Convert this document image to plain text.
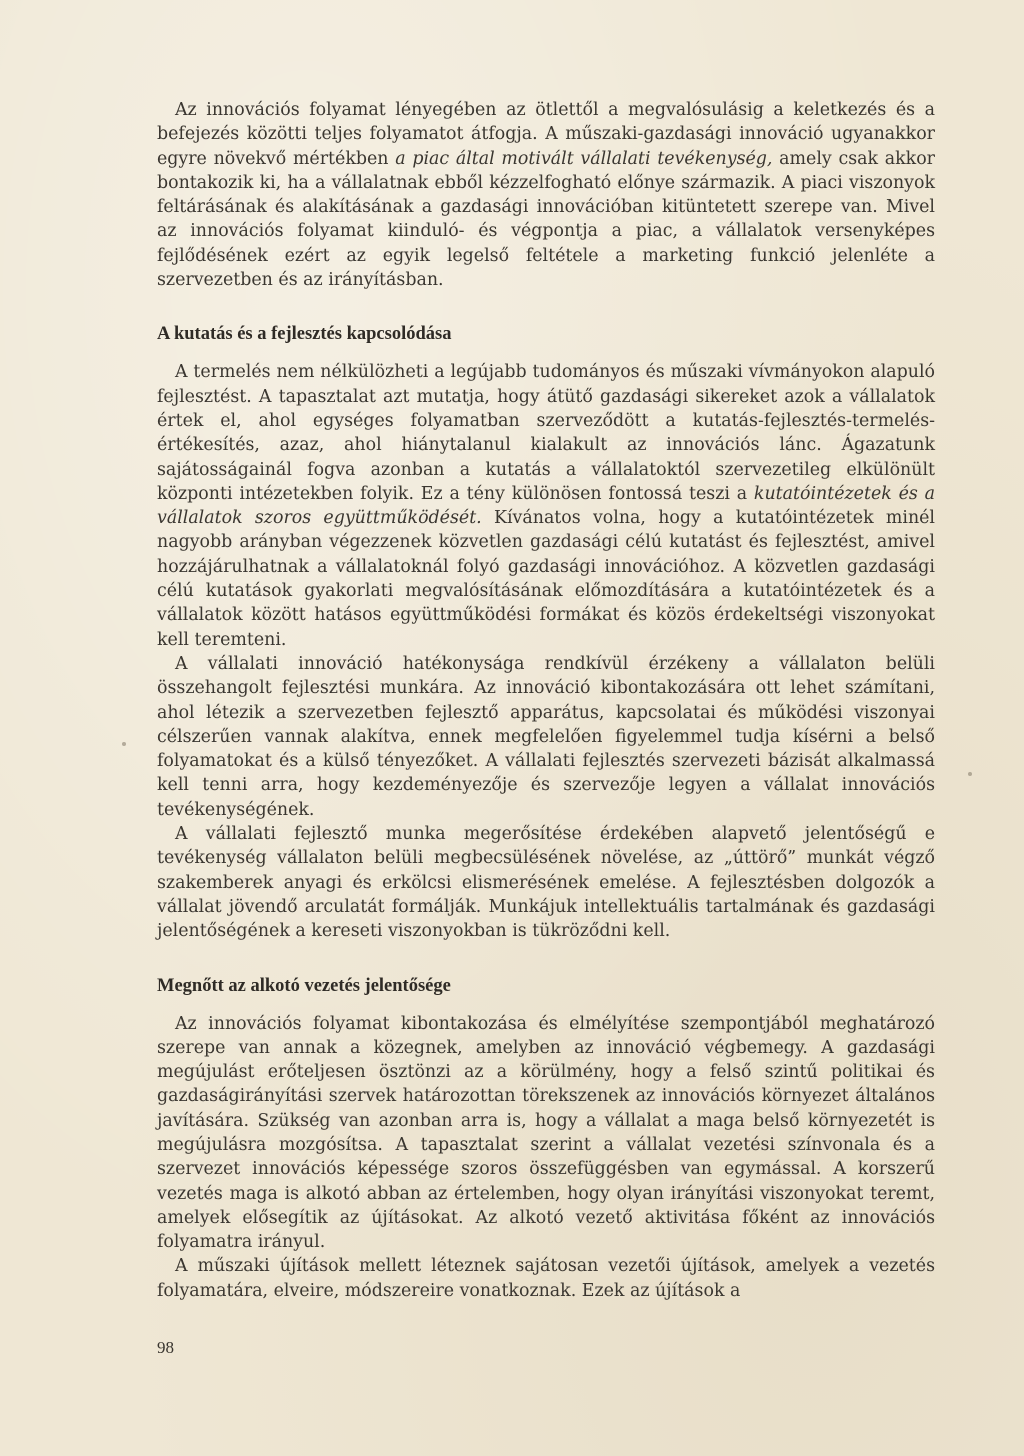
Az innovációs folyamat lényegében az ötlettől a megvalósulásig a keletkezés és a befejezés közötti teljes folyamatot átfogja. A műszaki-gazdasági innováció ugyanakkor egyre növekvő mértékben a piac által motivált vállalati tevékenység, amely csak akkor bontakozik ki, ha a vállalatnak ebből kézzelfogható előnye származik. A piaci viszonyok feltárásának és alakításának a gazdasági innovációban kitüntetett szerepe van. Mivel az innovációs folyamat kiinduló- és végpontja a piac, a vállalatok versenyképes fejlődésének ezért az egyik legelső feltétele a marketing funkció jelenléte a szervezetben és az irányításban.

A kutatás és a fejlesztés kapcsolódása

A termelés nem nélkülözheti a legújabb tudományos és műszaki vívmányokon alapuló fejlesztést. A tapasztalat azt mutatja, hogy átütő gazdasági sikereket azok a vállalatok értek el, ahol egységes folyamatban szerveződött a kutatás-fejlesztés-termelés-értékesítés, azaz, ahol hiánytalanul kialakult az innovációs lánc. Ágazatunk sajátosságainál fogva azonban a kutatás a vállalatoktól szervezetileg elkülönült központi intézetekben folyik. Ez a tény különösen fontossá teszi a kutatóintézetek és a vállalatok szoros együttműködését. Kívánatos volna, hogy a kutatóintézetek minél nagyobb arányban végezzenek közvetlen gazdasági célú kutatást és fejlesztést, amivel hozzájárulhatnak a vállalatoknál folyó gazdasági innovációhoz. A közvetlen gazdasági célú kutatások gyakorlati megvalósításának előmozdítására a kutatóintézetek és a vállalatok között hatásos együttműködési formákat és közös érdekeltségi viszonyokat kell teremteni.

A vállalati innováció hatékonysága rendkívül érzékeny a vállalaton belüli összehangolt fejlesztési munkára. Az innováció kibontakozására ott lehet számítani, ahol létezik a szervezetben fejlesztő apparátus, kapcsolatai és működési viszonyai célszerűen vannak alakítva, ennek megfelelően figyelemmel tudja kísérni a belső folyamatokat és a külső tényezőket. A vállalati fejlesztés szervezeti bázisát alkalmassá kell tenni arra, hogy kezdeményezője és szervezője legyen a vállalat innovációs tevékenységének.

A vállalati fejlesztő munka megerősítése érdekében alapvető jelentőségű e tevékenység vállalaton belüli megbecsülésének növelése, az „úttörő” munkát végző szakemberek anyagi és erkölcsi elismerésének emelése. A fejlesztésben dolgozók a vállalat jövendő arculatát formálják. Munkájuk intellektuális tartalmának és gazdasági jelentőségének a kereseti viszonyokban is tükröződni kell.

Megnőtt az alkotó vezetés jelentősége

Az innovációs folyamat kibontakozása és elmélyítése szempontjából meghatározó szerepe van annak a közegnek, amelyben az innováció végbemegy. A gazdasági megújulást erőteljesen ösztönzi az a körülmény, hogy a felső szintű politikai és gazdaságirányítási szervek határozottan törekszenek az innovációs környezet általános javítására. Szükség van azonban arra is, hogy a vállalat a maga belső környezetét is megújulásra mozgósítsa. A tapasztalat szerint a vállalat vezetési színvonala és a szervezet innovációs képessége szoros összefüggésben van egymással. A korszerű vezetés maga is alkotó abban az értelemben, hogy olyan irányítási viszonyokat teremt, amelyek elősegítik az újításokat. Az alkotó vezető aktivitása főként az innovációs folyamatra irányul.

A műszaki újítások mellett léteznek sajátosan vezetői újítások, amelyek a vezetés folyamatára, elveire, módszereire vonatkoznak. Ezek az újítások a

98
